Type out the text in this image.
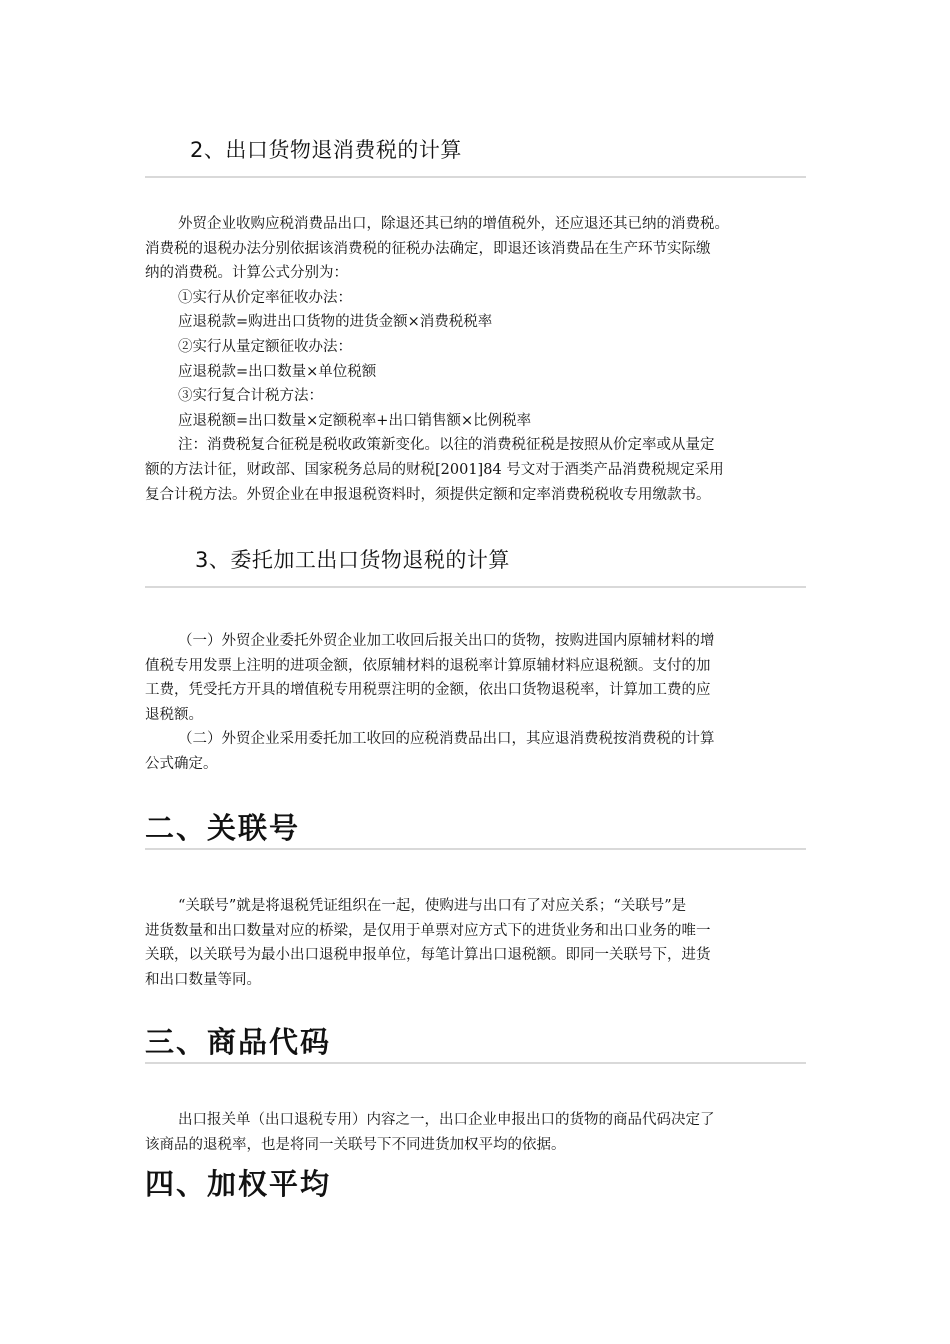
2、出口货物退消费税的计算
外贸企业收购应税消费品出口，除退还其已纳的增值税外，还应退还其已纳的消费税。
消费税的退税办法分别依据该消费税的征税办法确定，即退还该消费品在生产环节实际缴
纳的消费税。计算公式分别为：
①实行从价定率征收办法：
应退税款=购进出口货物的进货金额×消费税税率
②实行从量定额征收办法：
应退税款=出口数量×单位税额
③实行复合计税方法：
应退税额=出口数量×定额税率+出口销售额×比例税率
注：消费税复合征税是税收政策新变化。以往的消费税征税是按照从价定率或从量定
额的方法计征，财政部、国家税务总局的财税[2001]84 号文对于酒类产品消费税规定采用
复合计税方法。外贸企业在申报退税资料时，须提供定额和定率消费税税收专用缴款书。
3、委托加工出口货物退税的计算
（一）外贸企业委托外贸企业加工收回后报关出口的货物，按购进国内原辅材料的增
值税专用发票上注明的进项金额，依原辅材料的退税率计算原辅材料应退税额。支付的加
工费，凭受托方开具的增值税专用税票注明的金额，依出口货物退税率，计算加工费的应
退税额。
（二）外贸企业采用委托加工收回的应税消费品出口，其应退消费税按消费税的计算
公式确定。
二、关联号
“关联号”就是将退税凭证组织在一起，使购进与出口有了对应关系；“关联号”是
进货数量和出口数量对应的桥梁，是仅用于单票对应方式下的进货业务和出口业务的唯一
关联，以关联号为最小出口退税申报单位，每笔计算出口退税额。即同一关联号下，进货
和出口数量等同。
三、商品代码
出口报关单（出口退税专用）内容之一，出口企业申报出口的货物的商品代码决定了
该商品的退税率，也是将同一关联号下不同进货加权平均的依据。
四、加权平均
